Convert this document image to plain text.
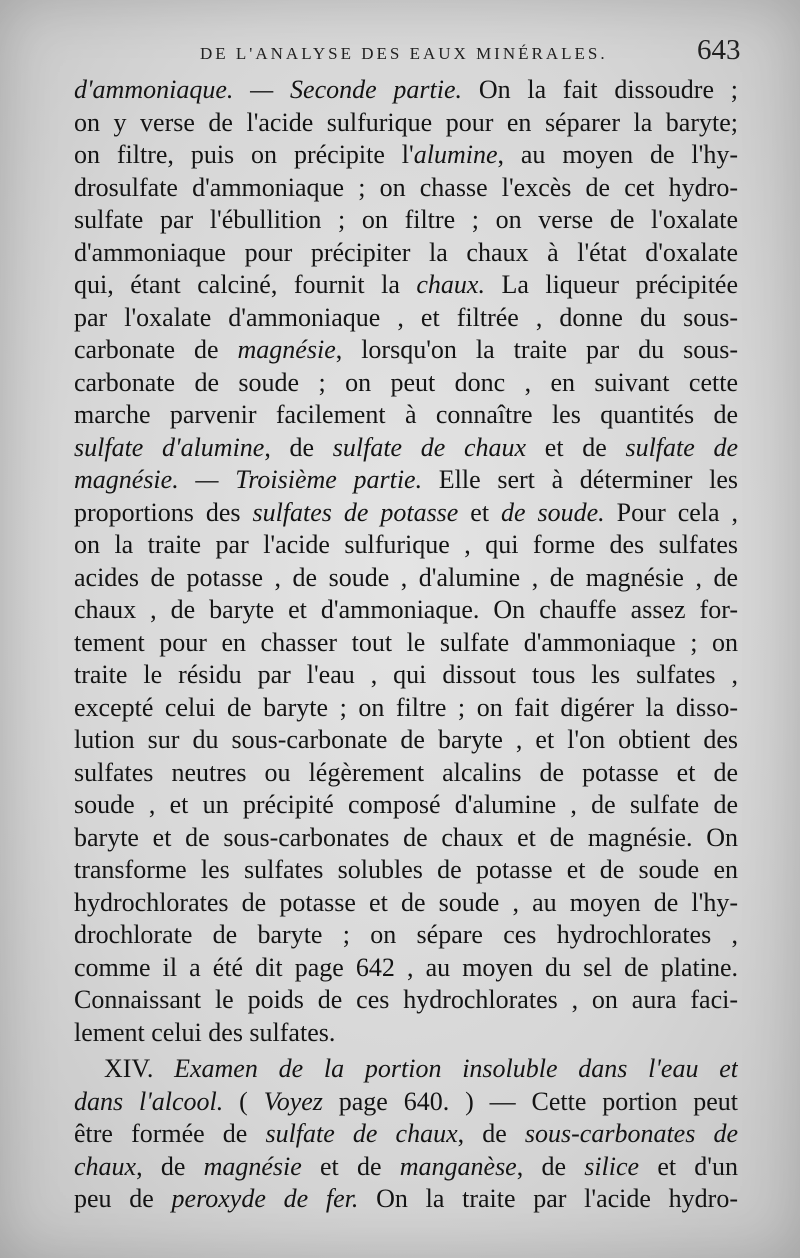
DE L'ANALYSE DES EAUX MINÉRALES.	643
d'ammoniaque. — Seconde partie. On la fait dissoudre ;
on y verse de l'acide sulfurique pour en séparer la baryte;
on filtre, puis on précipite l'alumine, au moyen de l'hy-
drosulfate d'ammoniaque ; on chasse l'excès de cet hydro-
sulfate par l'ébullition ; on filtre ; on verse de l'oxalate
d'ammoniaque pour précipiter la chaux à l'état d'oxalate
qui, étant calciné, fournit la chaux. La liqueur précipitée
par l'oxalate d'ammoniaque , et filtrée , donne du sous-
carbonate de magnésie, lorsqu'on la traite par du sous-
carbonate de soude ; on peut donc , en suivant cette
marche parvenir facilement à connaître les quantités de
sulfate d'alumine, de sulfate de chaux et de sulfate de
magnésie. — Troisième partie. Elle sert à déterminer les
proportions des sulfates de potasse et de soude. Pour cela ,
on la traite par l'acide sulfurique , qui forme des sulfates
acides de potasse , de soude , d'alumine , de magnésie , de
chaux , de baryte et d'ammoniaque. On chauffe assez for-
tement pour en chasser tout le sulfate d'ammoniaque ; on
traite le résidu par l'eau , qui dissout tous les sulfates ,
excepté celui de baryte ; on filtre ; on fait digérer la disso-
lution sur du sous-carbonate de baryte , et l'on obtient des
sulfates neutres ou légèrement alcalins de potasse et de
soude , et un précipité composé d'alumine , de sulfate de
baryte et de sous-carbonates de chaux et de magnésie. On
transforme les sulfates solubles de potasse et de soude en
hydrochlorates de potasse et de soude , au moyen de l'hy-
drochlorate de baryte ; on sépare ces hydrochlorates ,
comme il a été dit page 642 , au moyen du sel de platine.
Connaissant le poids de ces hydrochlorates , on aura faci-
lement celui des sulfates.
XIV. Examen de la portion insoluble dans l'eau et
dans l'alcool. ( Voyez page 640. ) — Cette portion peut
être formée de sulfate de chaux, de sous-carbonates de
chaux, de magnésie et de manganèse, de silice et d'un
peu de peroxyde de fer. On la traite par l'acide hydro-
